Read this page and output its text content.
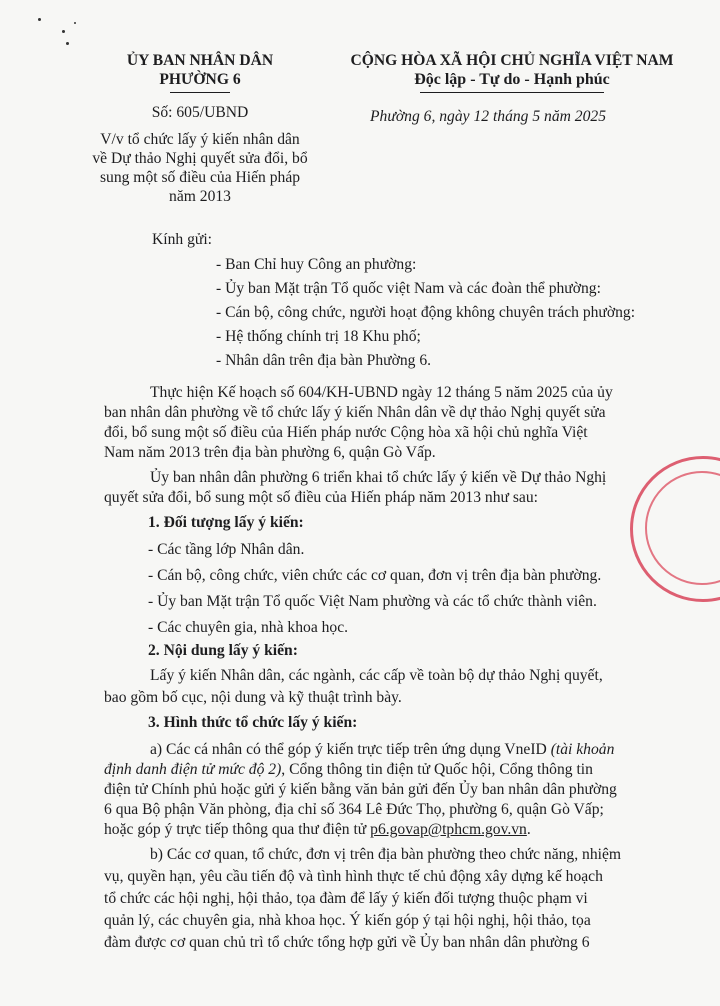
ỦY BAN NHÂN DÂN
PHƯỜNG 6
CỘNG HÒA XÃ HỘI CHỦ NGHĨA VIỆT NAM
Độc lập - Tự do - Hạnh phúc
Số: 605/UBND	Phường 6, ngày 12 tháng 5 năm 2025
V/v tổ chức lấy ý kiến nhân dân
về Dự thảo Nghị quyết sửa đổi, bổ
sung một số điều của Hiến pháp
năm 2013
Kính gửi:
- Ban Chỉ huy Công an phường:
- Ủy ban Mặt trận Tổ quốc việt Nam và các đoàn thể phường:
- Cán bộ, công chức, người hoạt động không chuyên trách phường:
- Hệ thống chính trị 18 Khu phố;
- Nhân dân trên địa bàn Phường 6.
Thực hiện Kế hoạch số 604/KH-UBND ngày 12 tháng 5 năm 2025 của ủy
ban nhân dân phường về tổ chức lấy ý kiến Nhân dân về dự thảo Nghị quyết sửa
đổi, bổ sung một số điều của Hiến pháp nước Cộng hòa xã hội chủ nghĩa Việt
Nam năm 2013 trên địa bàn phường 6, quận Gò Vấp.
Ủy ban nhân dân phường 6 triển khai tổ chức lấy ý kiến về Dự thảo Nghị
quyết sửa đổi, bổ sung một số điều của Hiến pháp năm 2013 như sau:
1. Đối tượng lấy ý kiến:
- Các tầng lớp Nhân dân.
- Cán bộ, công chức, viên chức các cơ quan, đơn vị trên địa bàn phường.
- Ủy ban Mặt trận Tổ quốc Việt Nam phường và các tổ chức thành viên.
- Các chuyên gia, nhà khoa học.
2. Nội dung lấy ý kiến:
Lấy ý kiến Nhân dân, các ngành, các cấp về toàn bộ dự thảo Nghị quyết,
bao gồm bố cục, nội dung và kỹ thuật trình bày.
3. Hình thức tổ chức lấy ý kiến:
a) Các cá nhân có thể góp ý kiến trực tiếp trên ứng dụng VneID (tài khoản
định danh điện tử mức độ 2), Cổng thông tin điện tử Quốc hội, Cổng thông tin
điện tử Chính phủ hoặc gửi ý kiến bằng văn bản gửi đến Ủy ban nhân dân phường
6 qua Bộ phận Văn phòng, địa chỉ số 364 Lê Đức Thọ, phường 6, quận Gò Vấp;
hoặc góp ý trực tiếp thông qua thư điện tử p6.govap@tphcm.gov.vn.
b) Các cơ quan, tổ chức, đơn vị trên địa bàn phường theo chức năng, nhiệm
vụ, quyền hạn, yêu cầu tiến độ và tình hình thực tế chủ động xây dựng kế hoạch
tổ chức các hội nghị, hội thảo, tọa đàm để lấy ý kiến đối tượng thuộc phạm vi
quản lý, các chuyên gia, nhà khoa học. Ý kiến góp ý tại hội nghị, hội thảo, tọa
đàm được cơ quan chủ trì tổ chức tổng hợp gửi về Ủy ban nhân dân phường 6
